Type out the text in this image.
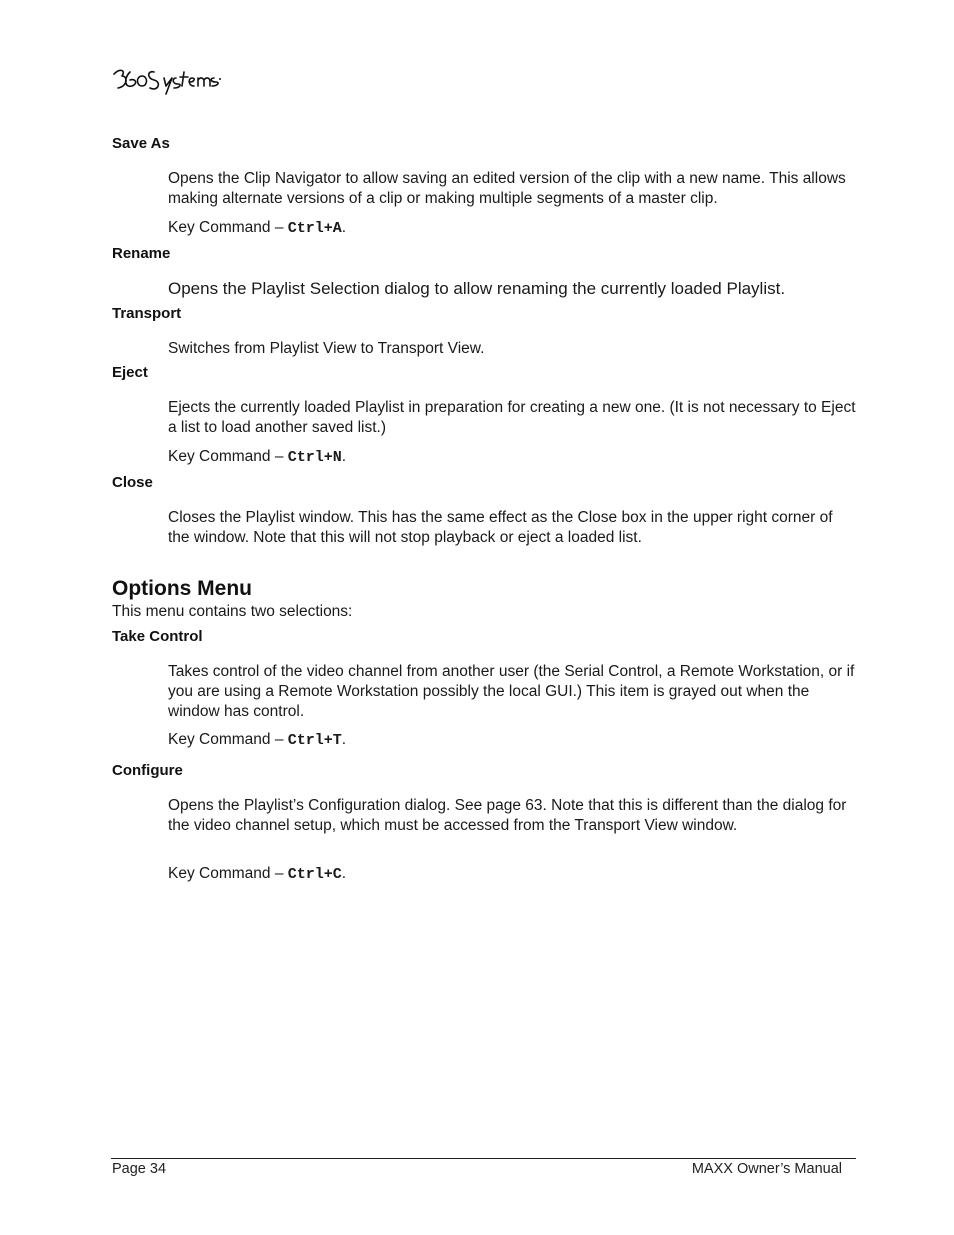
Save As
Opens the Clip Navigator to allow saving an edited version of the clip with a new name. This allows making alternate versions of a clip or making multiple segments of a master clip.
Key Command – Ctrl+A.
Rename
Opens the Playlist Selection dialog to allow renaming the currently loaded Playlist.
Transport
Switches from Playlist View to Transport View.
Eject
Ejects the currently loaded Playlist in preparation for creating a new one. (It is not necessary to Eject a list to load another saved list.)
Key Command – Ctrl+N.
Close
Closes the Playlist window. This has the same effect as the Close box in the upper right corner of the window. Note that this will not stop playback or eject a loaded list.
Options Menu
This menu contains two selections:
Take Control
Takes control of the video channel from another user (the Serial Control, a Remote Workstation, or if you are using a Remote Workstation possibly the local GUI.) This item is grayed out when the window has control.
Key Command – Ctrl+T.
Configure
Opens the Playlist’s Configuration dialog. See page 63. Note that this is different than the dialog for the video channel setup, which must be accessed from the Transport View window.
Key Command – Ctrl+C.
Page 34	MAXX Owner’s Manual
